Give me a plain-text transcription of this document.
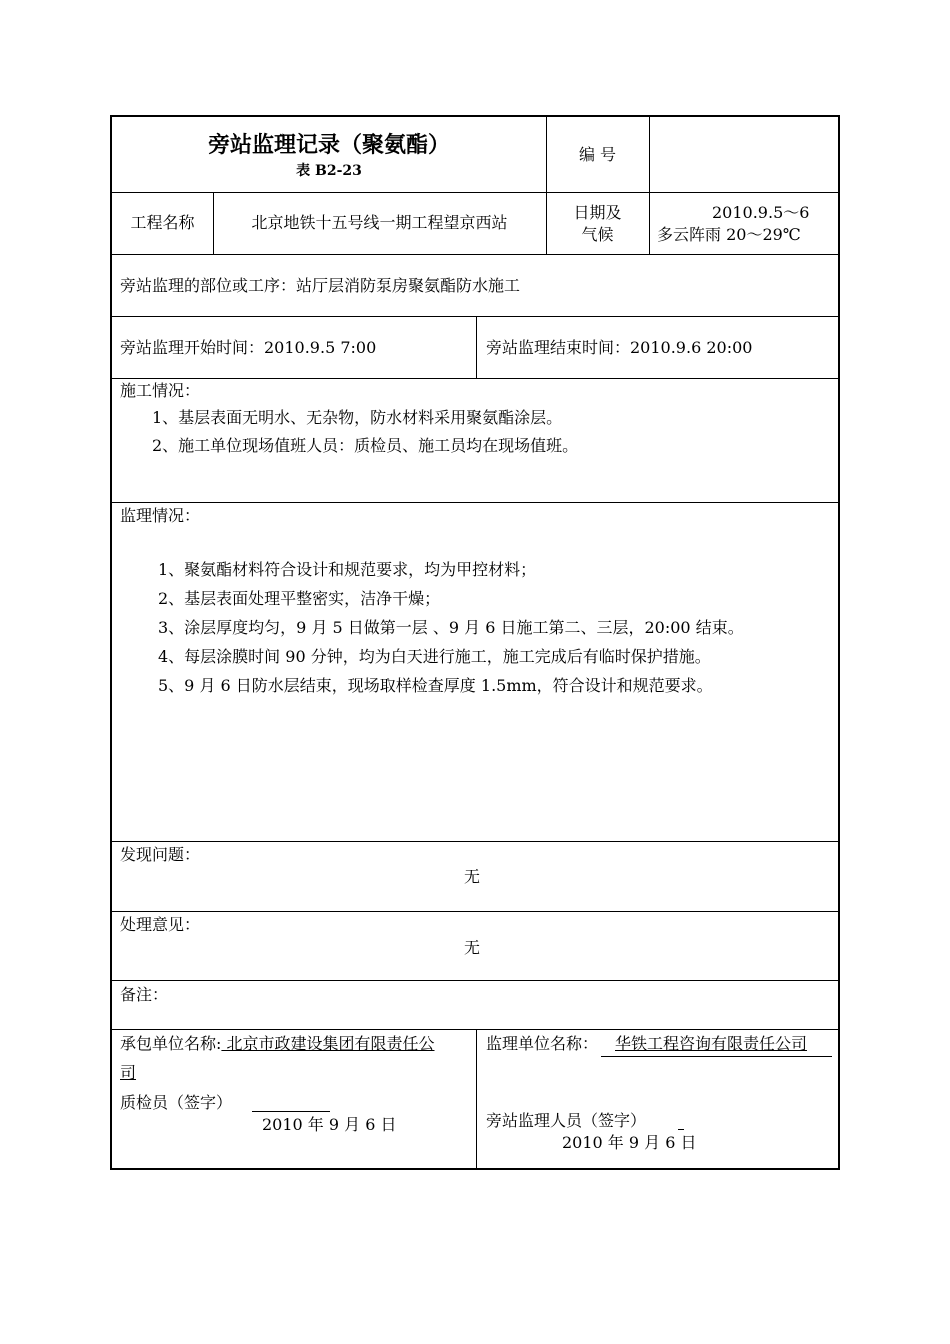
旁站监理记录（聚氨酯）
表 B2-23
编 号
工程名称	北京地铁十五号线一期工程望京西站
日期及
气候
2010.9.5～6
多云阵雨 20～29℃
旁站监理的部位或工序：站厅层消防泵房聚氨酯防水施工
旁站监理开始时间：2010.9.5 7:00	旁站监理结束时间：2010.9.6 20:00
施工情况：
1、基层表面无明水、无杂物，防水材料采用聚氨酯涂层。
2、施工单位现场值班人员：质检员、施工员均在现场值班。
监理情况：
1、聚氨酯材料符合设计和规范要求，均为甲控材料；
2、基层表面处理平整密实，洁净干燥；
3、涂层厚度均匀，9 月 5 日做第一层 、9 月 6 日施工第二、三层，20:00 结束。
4、每层涂膜时间 90 分钟，均为白天进行施工，施工完成后有临时保护措施。
5、9 月 6 日防水层结束，现场取样检查厚度 1.5mm，符合设计和规范要求。
发现问题：
无
处理意见：
无
备注：
承包单位名称: 北京市政建设集团有限责任公
司
质检员（签字）
2010 年 9 月 6 日
监理单位名称： 华铁工程咨询有限责任公司
旁站监理人员（签字）
2010 年 9 月 6 日
